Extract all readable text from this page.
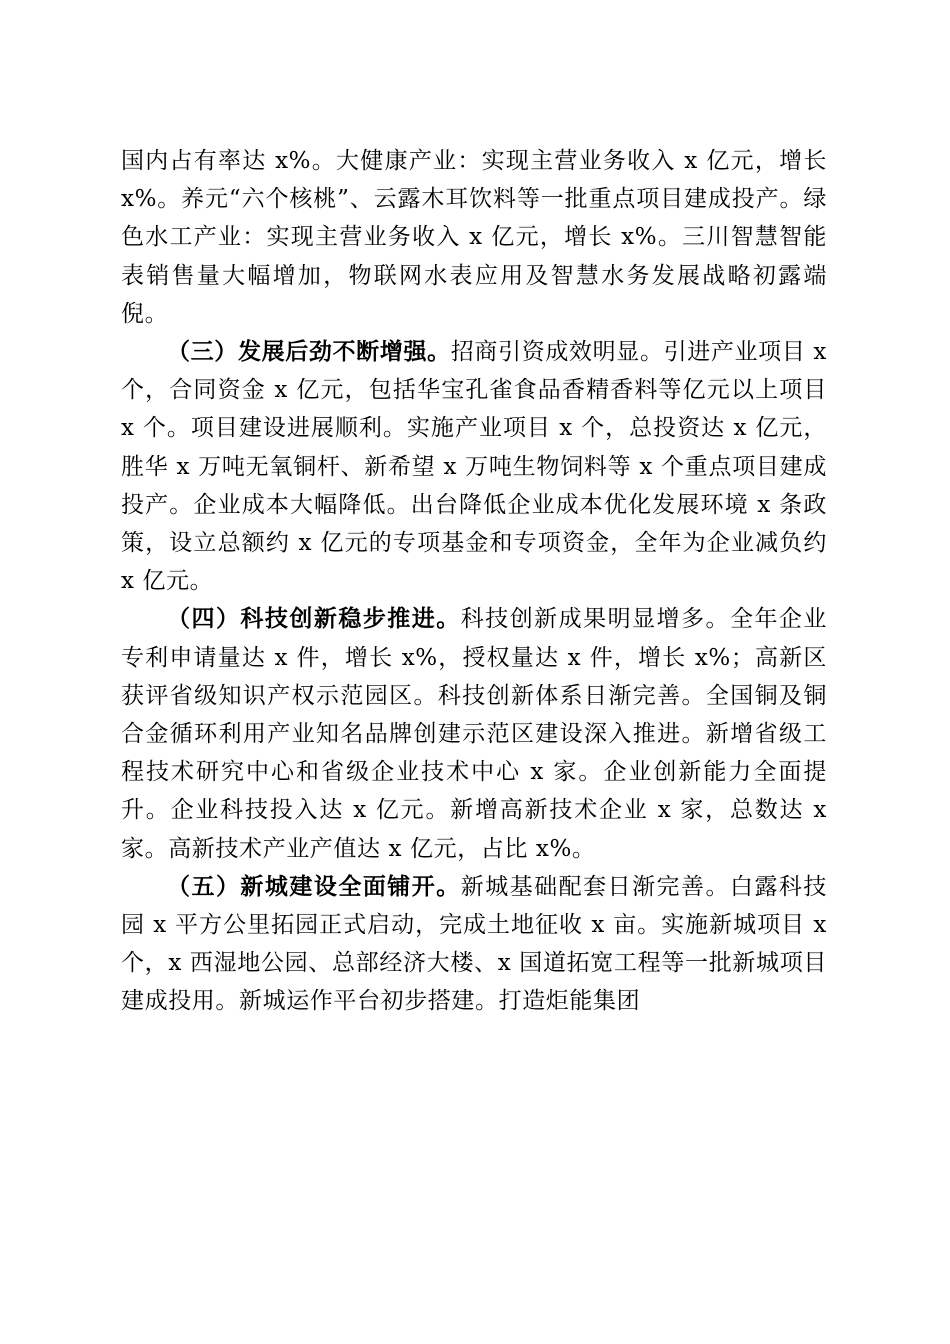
国内占有率达 x%。大健康产业：实现主营业务收入 x 亿元，增长 x%。养元“六个核桃”、云露木耳饮料等一批重点项目建成投产。绿色水工产业：实现主营业务收入 x 亿元，增长 x%。三川智慧智能表销售量大幅增加，物联网水表应用及智慧水务发展战略初露端倪。

（三）发展后劲不断增强。招商引资成效明显。引进产业项目 x 个，合同资金 x 亿元，包括华宝孔雀食品香精香料等亿元以上项目 x 个。项目建设进展顺利。实施产业项目 x 个，总投资达 x 亿元，胜华 x 万吨无氧铜杆、新希望 x 万吨生物饲料等 x 个重点项目建成投产。企业成本大幅降低。出台降低企业成本优化发展环境 x 条政策，设立总额约 x 亿元的专项基金和专项资金，全年为企业减负约 x 亿元。

（四）科技创新稳步推进。科技创新成果明显增多。全年企业专利申请量达 x 件，增长 x%，授权量达 x 件，增长 x%；高新区获评省级知识产权示范园区。科技创新体系日渐完善。全国铜及铜合金循环利用产业知名品牌创建示范区建设深入推进。新增省级工程技术研究中心和省级企业技术中心 x 家。企业创新能力全面提升。企业科技投入达 x 亿元。新增高新技术企业 x 家，总数达 x 家。高新技术产业产值达 x 亿元，占比 x%。

（五）新城建设全面铺开。新城基础配套日渐完善。白露科技园 x 平方公里拓园正式启动，完成土地征收 x 亩。实施新城项目 x 个，x 西湿地公园、总部经济大楼、x 国道拓宽工程等一批新城项目建成投用。新城运作平台初步搭建。打造炬能集团
